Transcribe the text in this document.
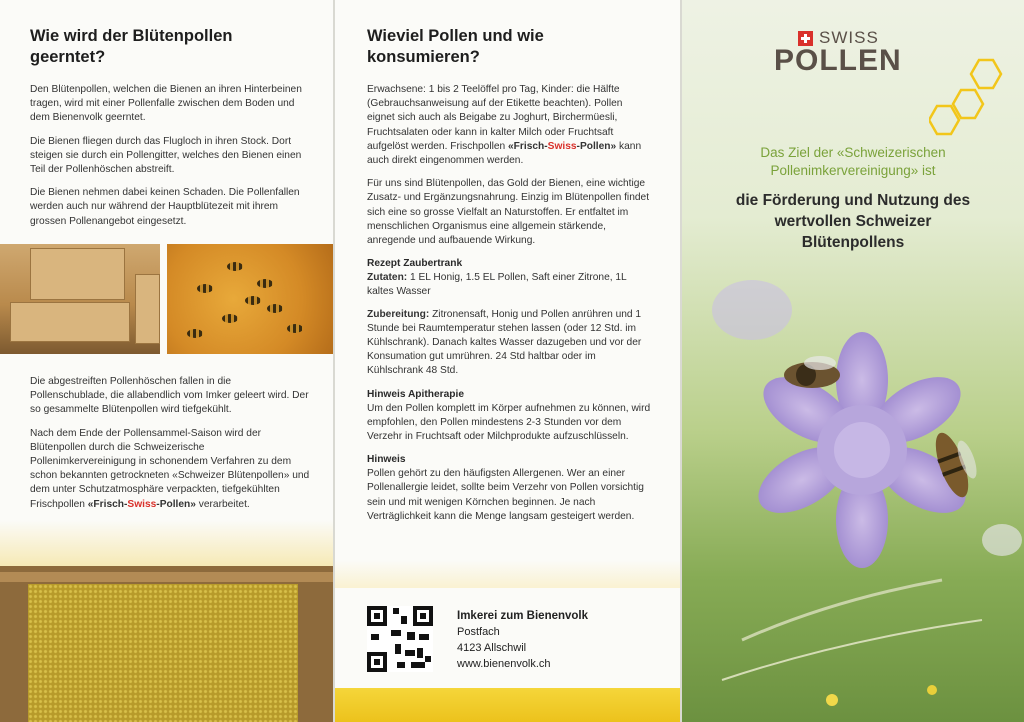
Wie wird der Blütenpollen geerntet?

Den Blütenpollen, welchen die Bienen an ihren Hinterbeinen tragen, wird mit einer Pollenfalle zwischen dem Boden und dem Bienenvolk geerntet.

Die Bienen fliegen durch das Flugloch in ihren Stock. Dort steigen sie durch ein Pollengitter, welches den Bienen einen Teil der Pollenhöschen abstreift.

Die Bienen nehmen dabei keinen Schaden. Die Pollenfallen werden auch nur während der Hauptblütezeit mit ihrem grossen Pollenangebot eingesetzt.

Die abgestreiften Pollenhöschen fallen in die Pollenschublade, die allabendlich vom Imker geleert wird. Der so gesammelte Blütenpollen wird tiefgekühlt.

Nach dem Ende der Pollensammel-Saison wird der Blütenpollen durch die Schweizerische Pollenimkervereinigung in schonendem Verfahren zu dem schon bekannten getrockneten «Schweizer Blütenpollen» und dem unter Schutzatmosphäre verpackten, tiefgekühlten Frischpollen «Frisch-Swiss-Pollen» verarbeitet.

Wieviel Pollen und wie konsumieren?

Erwachsene: 1 bis 2 Teelöffel pro Tag, Kinder: die Hälfte (Gebrauchsanweisung auf der Etikette beachten). Pollen eignet sich auch als Beigabe zu Joghurt, Birchermüesli, Fruchtsalaten oder kann in kalter Milch oder Fruchtsaft aufgelöst werden. Frischpollen «Frisch-Swiss-Pollen» kann auch direkt eingenommen werden.

Für uns sind Blütenpollen, das Gold der Bienen, eine wichtige Zusatz- und Ergänzungsnahrung. Einzig im Blütenpollen findet sich eine so grosse Vielfalt an Naturstoffen. Er entfaltet im menschlichen Organismus eine allgemein stärkende, anregende und aufbauende Wirkung.

Rezept Zaubertrank

Zutaten: 1 EL Honig, 1.5 EL Pollen, Saft einer Zitrone, 1L kaltes Wasser

Zubereitung: Zitronensaft, Honig und Pollen anrühren und 1 Stunde bei Raumtemperatur stehen lassen (oder 12 Std. im Kühlschrank). Danach kaltes Wasser dazugeben und vor der Konsumation gut umrühren. 24 Std haltbar oder im Kühlschrank 48 Std.

Hinweis Apitherapie

Um den Pollen komplett im Körper aufnehmen zu können, wird empfohlen, den Pollen mindestens 2-3 Stunden vor dem Verzehr in Fruchtsaft oder Milchprodukte aufzuschlüsseln.

Hinweis

Pollen gehört zu den häufigsten Allergenen. Wer an einer Pollenallergie leidet, sollte beim Verzehr von Pollen vorsichtig sein und mit wenigen Körnchen beginnen. Je nach Verträglichkeit kann die Menge langsam gesteigert werden.

Imkerei zum Bienenvolk
Postfach
4123 Allschwil
www.bienenvolk.ch
SWISS
POLLEN
Das Ziel der «Schweizerischen Pollenimkervereinigung» ist
die Förderung und Nutzung des wertvollen Schweizer Blütenpollens
